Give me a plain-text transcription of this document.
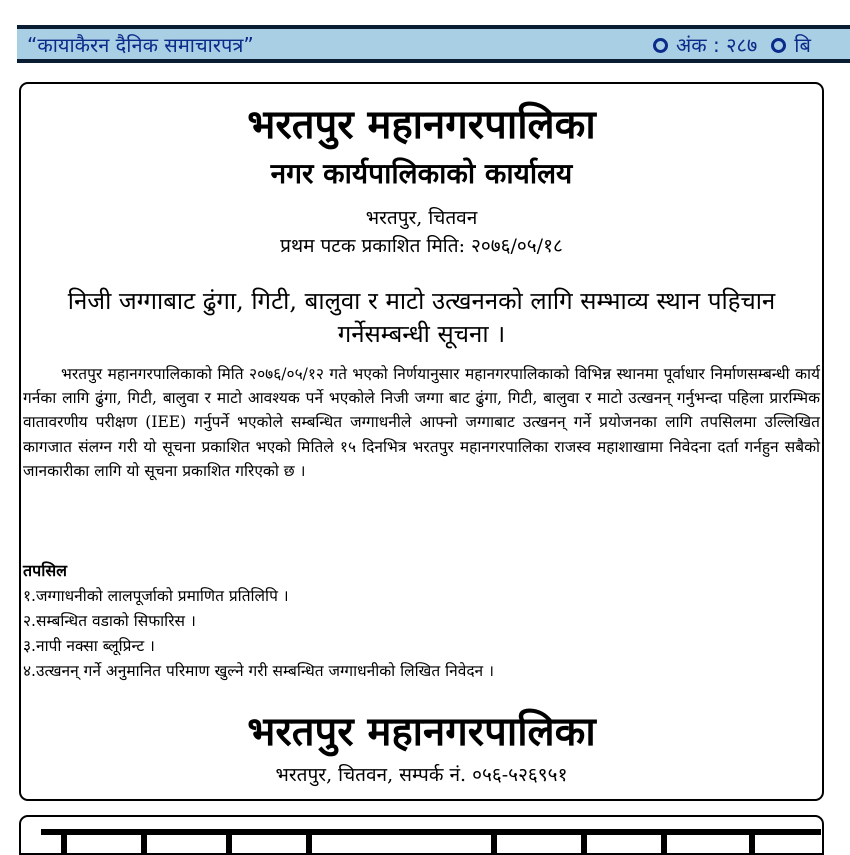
“कायाकैरन दैनिक समाचारपत्र”	अंक : २८७ बि
भरतपुर महानगरपालिका
नगर कार्यपालिकाको कार्यालय
भरतपुर, चितवन
प्रथम पटक प्रकाशित मिति: २०७६/०५/१८
निजी जग्गाबाट ढुंगा, गिटी, बालुवा र माटो उत्खननको लागि सम्भाव्य स्थान पहिचान गर्नेसम्बन्धी सूचना ।

भरतपुर महानगरपालिकाको मिति २०७६/०५/१२ गते भएको निर्णयानुसार महानगरपालिकाको विभिन्न स्थानमा पूर्वाधार निर्माणसम्बन्धी कार्य गर्नका लागि ढुंगा, गिटी, बालुवा र माटो आवश्यक पर्ने भएकोले निजी जग्गा बाट ढुंगा, गिटी, बालुवा र माटो उत्खनन् गर्नुभन्दा पहिला प्रारम्भिक वातावरणीय परीक्षण (IEE) गर्नुपर्ने भएकोले सम्बन्धित जग्गाधनीले आफ्नो जग्गाबाट उत्खनन् गर्ने प्रयोजनका लागि तपसिलमा उल्लिखित कागजात संलग्न गरी यो सूचना प्रकाशित भएको मितिले १५ दिनभित्र भरतपुर महानगरपालिका राजस्व महाशाखामा निवेदना दर्ता गर्नहुन सबैको जानकारीका लागि यो सूचना प्रकाशित गरिएको छ ।

तपसिल
१.जग्गाधनीको लालपूर्जाको प्रमाणित प्रतिलिपि ।
२.सम्बन्धित वडाको सिफारिस ।
३.नापी नक्सा ब्लूप्रिन्ट ।
४.उत्खनन् गर्ने अनुमानित परिमाण खुल्ने गरी सम्बन्धित जग्गाधनीको लिखित निवेदन ।
भरतपुर महानगरपालिका
भरतपुर, चितवन, सम्पर्क नं. ०५६-५२६९५१
